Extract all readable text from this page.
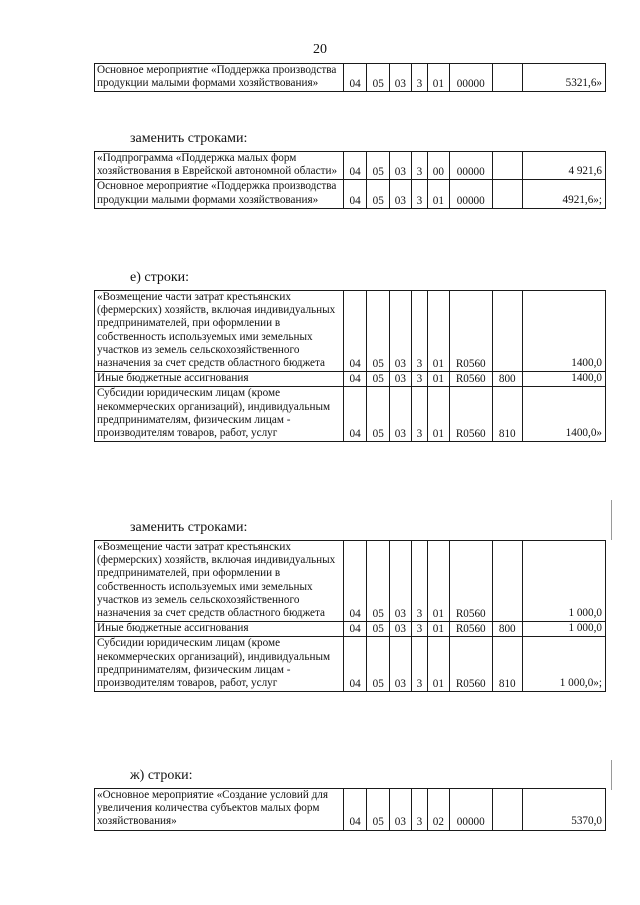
20
Основное мероприятие «Поддержка производства продукции малыми формами хозяйствования»	04	05	03	3	01	00000		5321,6»
заменить строками:
«Подпрограмма «Поддержка малых форм хозяйствования в Еврейской автономной области»	04	05	03	3	00	00000		4 921,6
Основное мероприятие «Поддержка производства продукции малыми формами хозяйствования»	04	05	03	3	01	00000		4921,6»;
е) строки:
«Возмещение части затрат крестьянских (фермерских) хозяйств, включая индивидуальных предпринимателей, при оформлении в собственность используемых ими земельных участков из земель сельскохозяйственного назначения за счет средств областного бюджета	04	05	03	3	01	R0560		1400,0
Иные бюджетные ассигнования	04	05	03	3	01	R0560	800	1400,0
Субсидии юридическим лицам (кроме некоммерческих организаций), индивидуальным предпринимателям, физическим лицам - производителям товаров, работ, услуг	04	05	03	3	01	R0560	810	1400,0»
заменить строками:
«Возмещение части затрат крестьянских (фермерских) хозяйств, включая индивидуальных предпринимателей, при оформлении в собственность используемых ими земельных участков из земель сельскохозяйственного назначения за счет средств областного бюджета	04	05	03	3	01	R0560		1 000,0
Иные бюджетные ассигнования	04	05	03	3	01	R0560	800	1 000,0
Субсидии юридическим лицам (кроме некоммерческих организаций), индивидуальным предпринимателям, физическим лицам - производителям товаров, работ, услуг	04	05	03	3	01	R0560	810	1 000,0»;
ж) строки:
«Основное мероприятие «Создание условий для увеличения количества субъектов малых форм хозяйствования»	04	05	03	3	02	00000		5370,0
